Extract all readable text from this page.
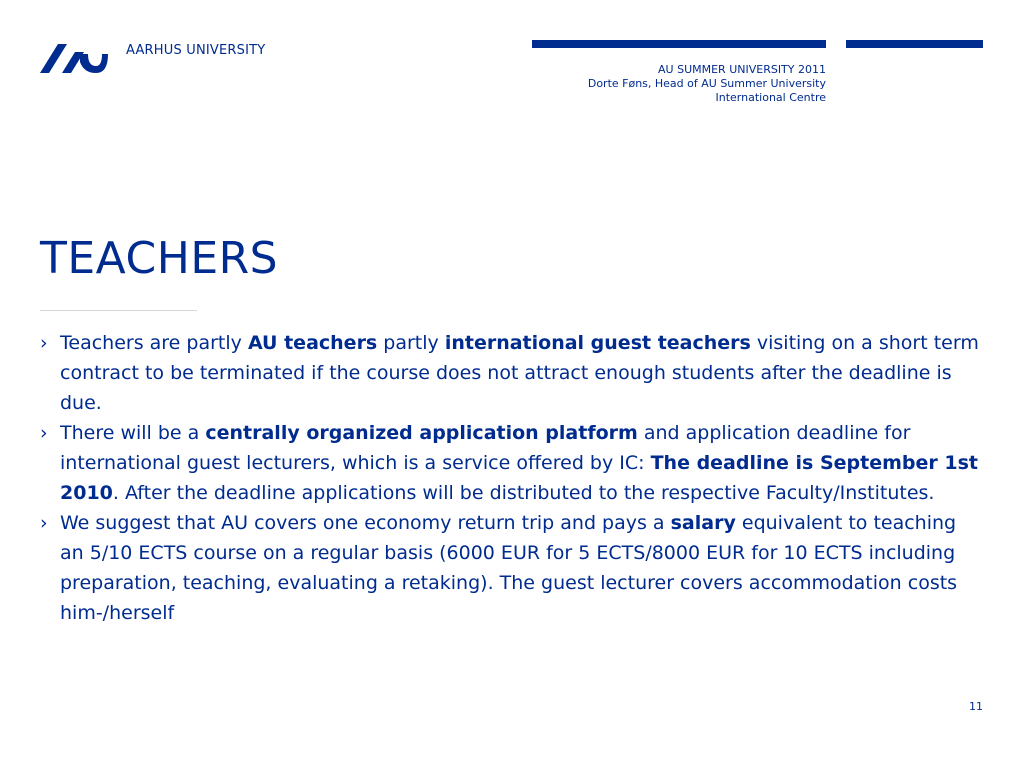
AARHUS UNIVERSITY
AU SUMMER UNIVERSITY 2011
Dorte Føns, Head of AU Summer University
International Centre
TEACHERS
› Teachers are partly AU teachers partly international guest teachers visiting on a short term contract to be terminated if the course does not attract enough students after the deadline is due.
› There will be a centrally organized application platform and application deadline for international guest lecturers, which is a service offered by IC: The deadline is September 1st 2010. After the deadline applications will be distributed to the respective Faculty/Institutes.
› We suggest that AU covers one economy return trip and pays a salary equivalent to teaching an 5/10 ECTS course on a regular basis (6000 EUR for 5 ECTS/8000 EUR for 10 ECTS including preparation, teaching, evaluating a retaking). The guest lecturer covers accommodation costs him-/herself
11
